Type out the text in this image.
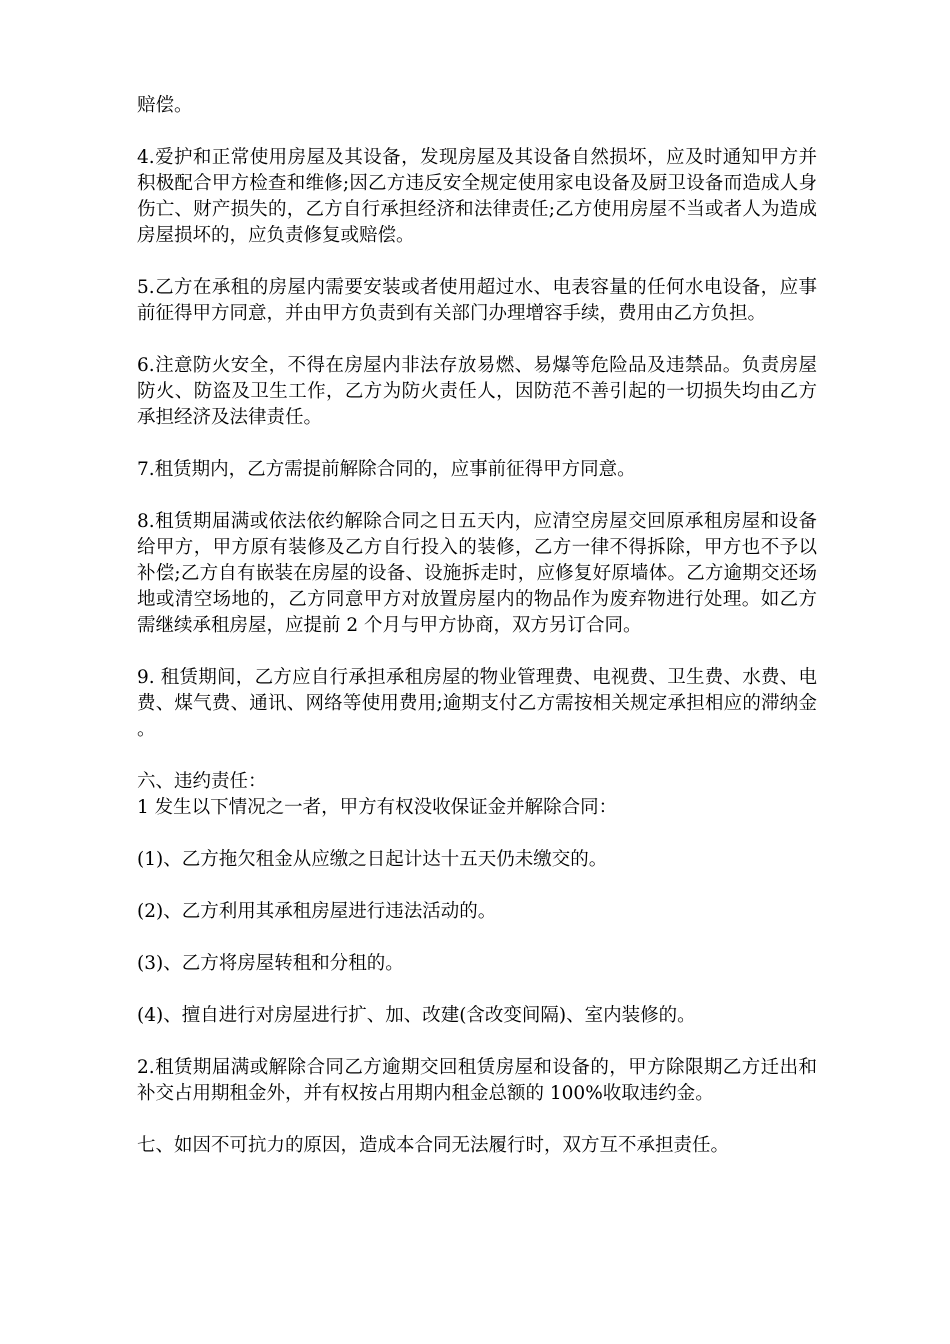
赔偿。

4.爱护和正常使用房屋及其设备，发现房屋及其设备自然损坏，应及时通知甲方并积极配合甲方检查和维修;因乙方违反安全规定使用家电设备及厨卫设备而造成人身伤亡、财产损失的，乙方自行承担经济和法律责任;乙方使用房屋不当或者人为造成房屋损坏的，应负责修复或赔偿。

5.乙方在承租的房屋内需要安装或者使用超过水、电表容量的任何水电设备，应事前征得甲方同意，并由甲方负责到有关部门办理增容手续，费用由乙方负担。

6.注意防火安全，不得在房屋内非法存放易燃、易爆等危险品及违禁品。负责房屋防火、防盗及卫生工作，乙方为防火责任人，因防范不善引起的一切损失均由乙方承担经济及法律责任。

7.租赁期内，乙方需提前解除合同的，应事前征得甲方同意。

8.租赁期届满或依法依约解除合同之日五天内，应清空房屋交回原承租房屋和设备给甲方，甲方原有装修及乙方自行投入的装修，乙方一律不得拆除，甲方也不予以补偿;乙方自有嵌装在房屋的设备、设施拆走时，应修复好原墙体。乙方逾期交还场地或清空场地的，乙方同意甲方对放置房屋内的物品作为废弃物进行处理。如乙方需继续承租房屋，应提前 2 个月与甲方协商，双方另订合同。

9. 租赁期间，乙方应自行承担承租房屋的物业管理费、电视费、卫生费、水费、电费、煤气费、通讯、网络等使用费用;逾期支付乙方需按相关规定承担相应的滞纳金。

六、违约责任：

1 发生以下情况之一者，甲方有权没收保证金并解除合同：

(1)、乙方拖欠租金从应缴之日起计达十五天仍未缴交的。

(2)、乙方利用其承租房屋进行违法活动的。

(3)、乙方将房屋转租和分租的。

(4)、擅自进行对房屋进行扩、加、改建(含改变间隔)、室内装修的。

2.租赁期届满或解除合同乙方逾期交回租赁房屋和设备的，甲方除限期乙方迁出和补交占用期租金外，并有权按占用期内租金总额的 100%收取违约金。

七、如因不可抗力的原因，造成本合同无法履行时，双方互不承担责任。
